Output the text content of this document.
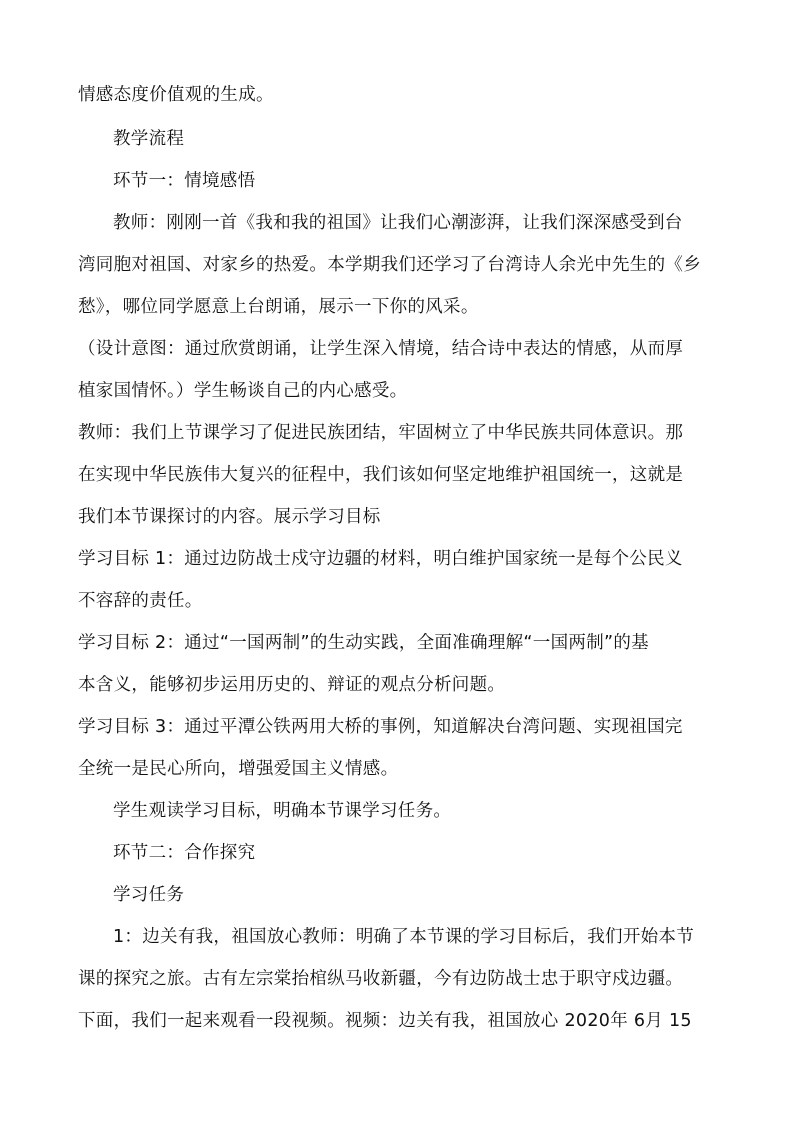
情感态度价值观的生成。
教学流程
环节一：情境感悟
教师：刚刚一首《我和我的祖国》让我们心潮澎湃，让我们深深感受到台
湾同胞对祖国、对家乡的热爱。本学期我们还学习了台湾诗人余光中先生的《乡
愁》，哪位同学愿意上台朗诵，展示一下你的风采。
（设计意图：通过欣赏朗诵，让学生深入情境，结合诗中表达的情感，从而厚
植家国情怀。）学生畅谈自己的内心感受。
教师：我们上节课学习了促进民族团结，牢固树立了中华民族共同体意识。那
在实现中华民族伟大复兴的征程中，我们该如何坚定地维护祖国统一，这就是
我们本节课探讨的内容。展示学习目标
学习目标 1：通过边防战士戍守边疆的材料，明白维护国家统一是每个公民义
不容辞的责任。
学习目标 2：通过“一国两制”的生动实践，全面准确理解“一国两制”的基
本含义，能够初步运用历史的、辩证的观点分析问题。
学习目标 3：通过平潭公铁两用大桥的事例，知道解决台湾问题、实现祖国完
全统一是民心所向，增强爱国主义情感。
学生观读学习目标，明确本节课学习任务。
环节二：合作探究
学习任务
1：边关有我，祖国放心教师：明确了本节课的学习目标后，我们开始本节
课的探究之旅。古有左宗棠抬棺纵马收新疆，今有边防战士忠于职守戍边疆。
下面，我们一起来观看一段视频。视频：边关有我，祖国放心 2020年 6月 15
